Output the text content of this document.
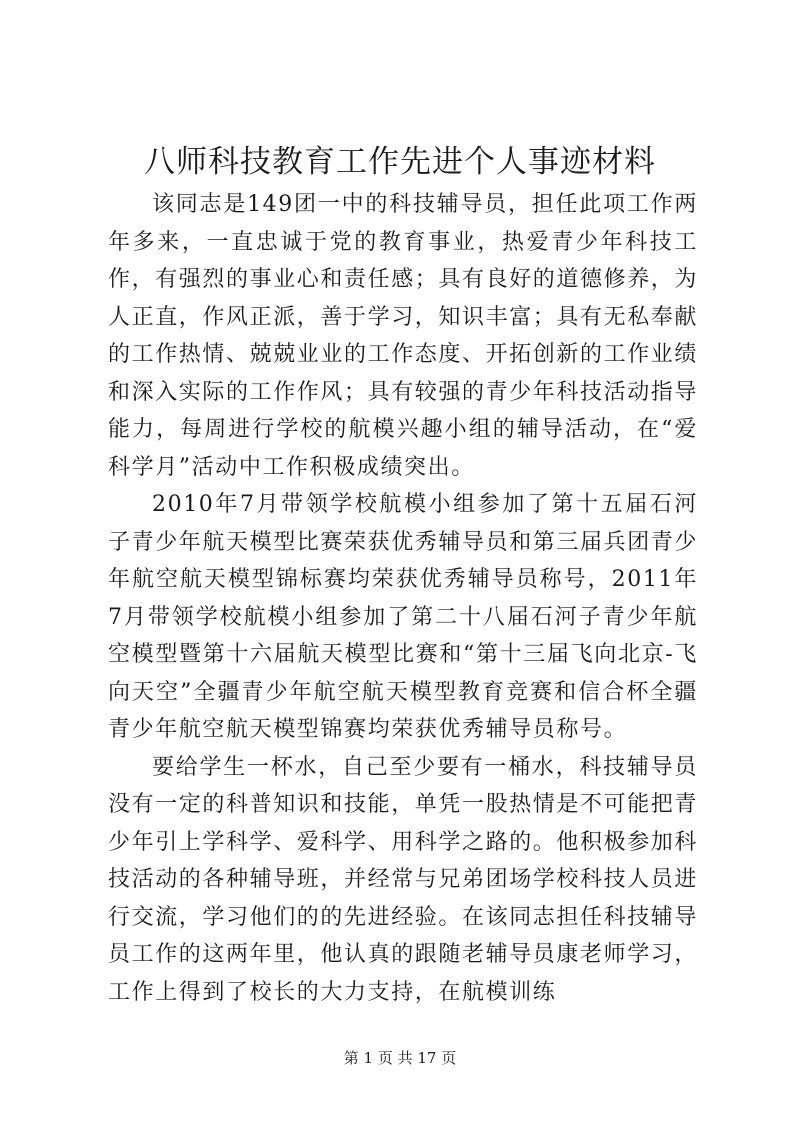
八师科技教育工作先进个人事迹材料

该同志是149团一中的科技辅导员，担任此项工作两年多来，一直忠诚于党的教育事业，热爱青少年科技工作，有强烈的事业心和责任感；具有良好的道德修养，为人正直，作风正派，善于学习，知识丰富；具有无私奉献的工作热情、兢兢业业的工作态度、开拓创新的工作业绩和深入实际的工作作风；具有较强的青少年科技活动指导能力，每周进行学校的航模兴趣小组的辅导活动，在“爱科学月”活动中工作积极成绩突出。

2010年7月带领学校航模小组参加了第十五届石河子青少年航天模型比赛荣获优秀辅导员和第三届兵团青少年航空航天模型锦标赛均荣获优秀辅导员称号，2011年7月带领学校航模小组参加了第二十八届石河子青少年航空模型暨第十六届航天模型比赛和“第十三届飞向北京-飞向天空”全疆青少年航空航天模型教育竞赛和信合杯全疆青少年航空航天模型锦赛均荣获优秀辅导员称号。

要给学生一杯水，自己至少要有一桶水，科技辅导员没有一定的科普知识和技能，单凭一股热情是不可能把青少年引上学科学、爱科学、用科学之路的。他积极参加科技活动的各种辅导班，并经常与兄弟团场学校科技人员进行交流，学习他们的的先进经验。在该同志担任科技辅导员工作的这两年里，他认真的跟随老辅导员康老师学习，工作上得到了校长的大力支持，在航模训练

第 1 页 共 17 页
